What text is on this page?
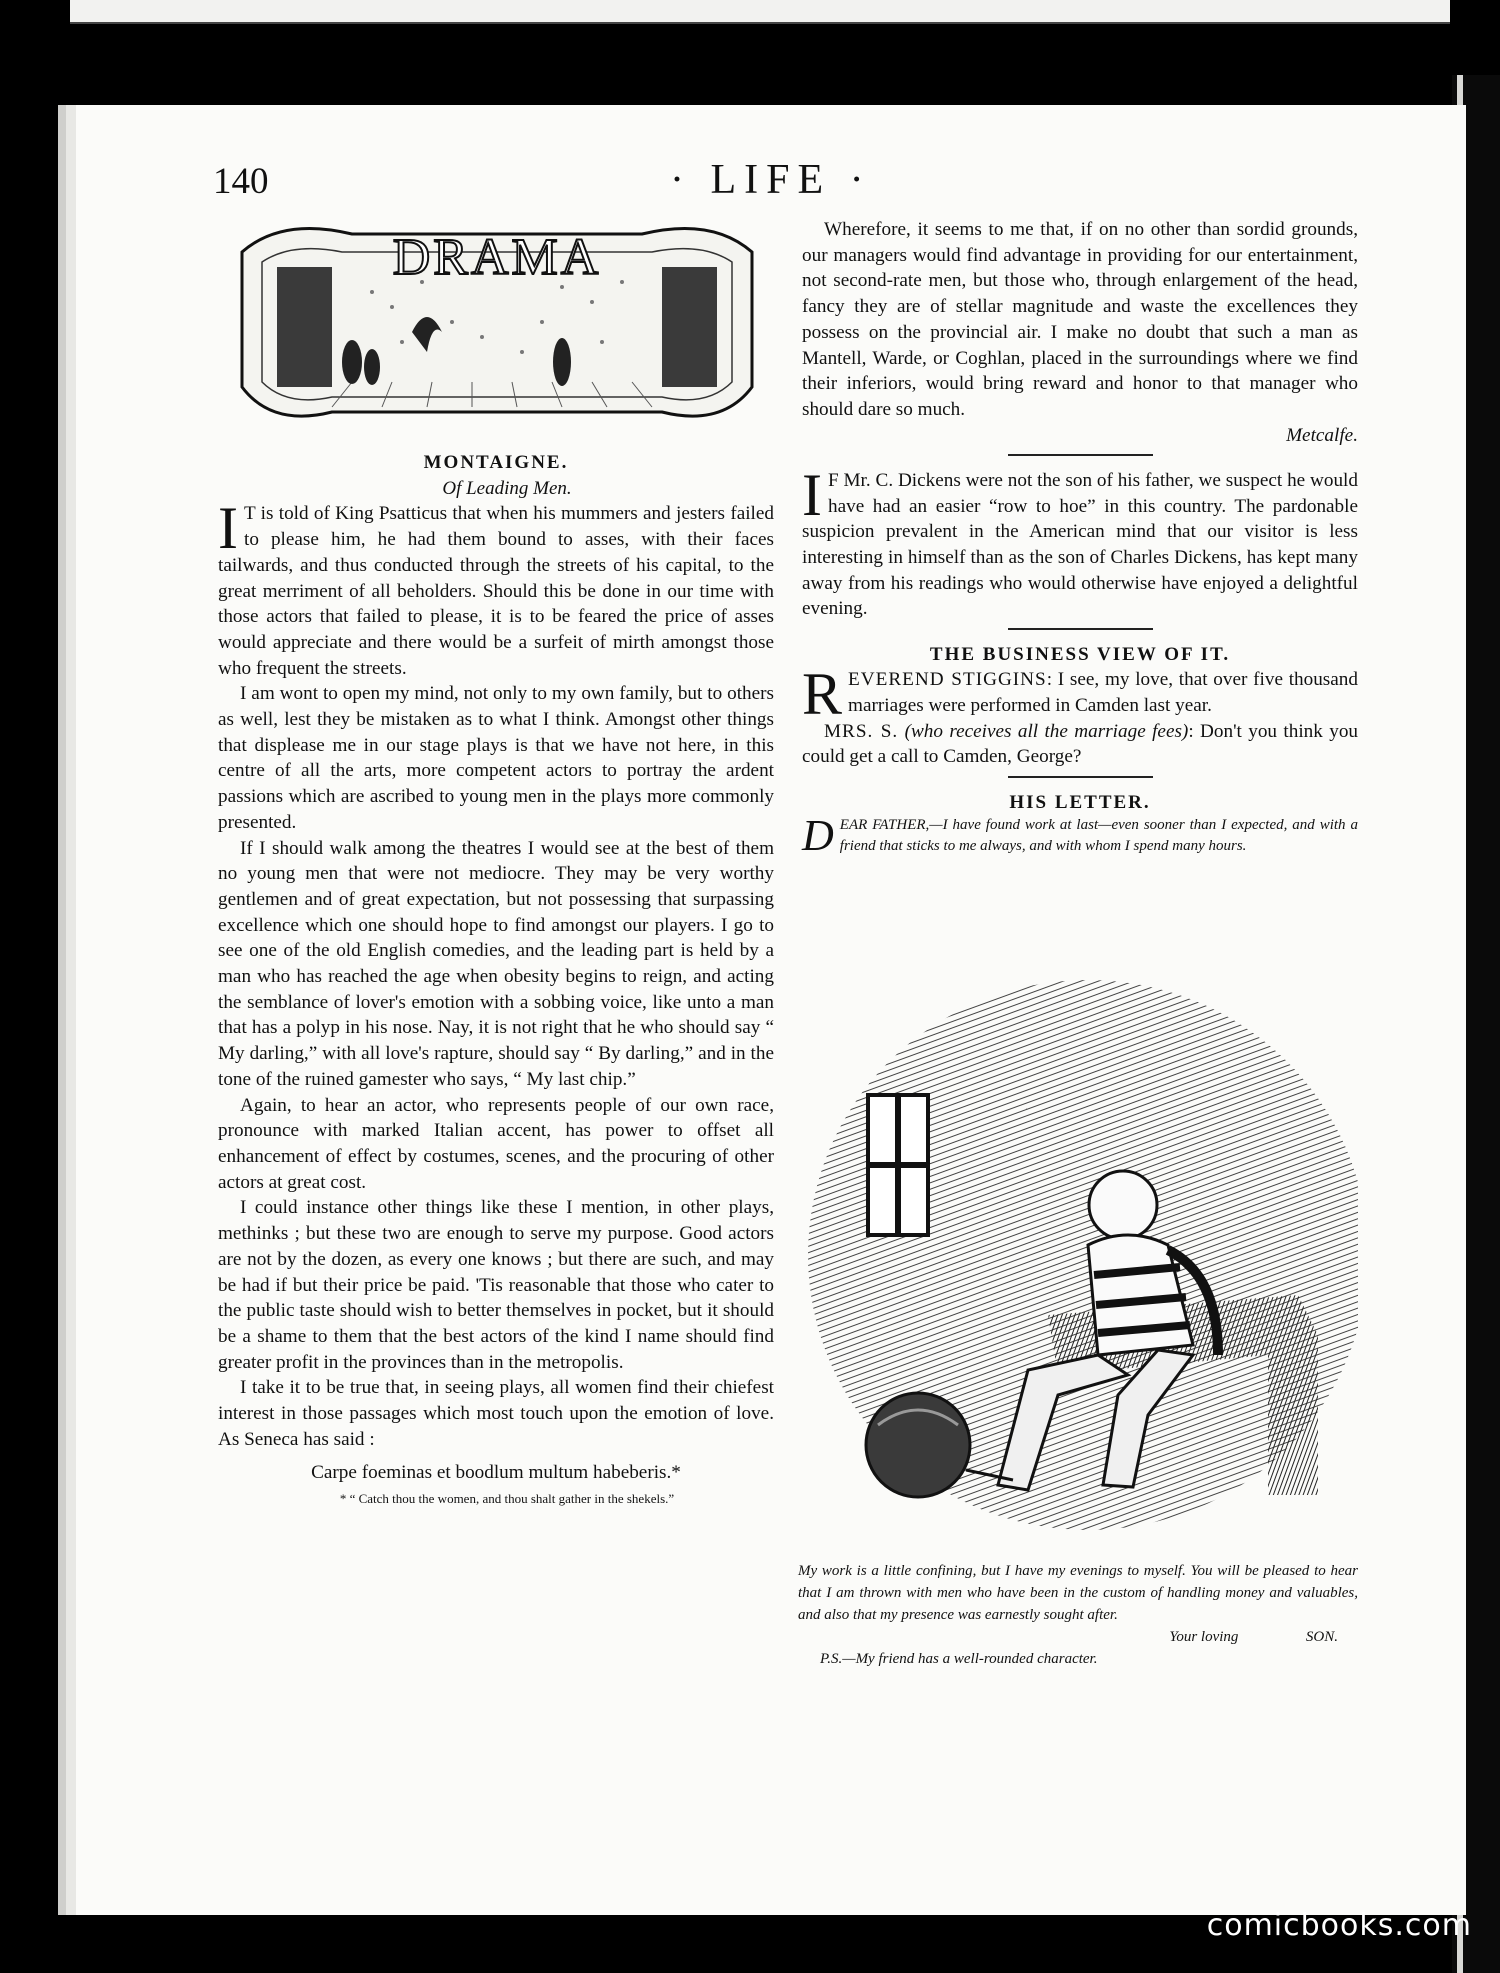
140	· LIFE ·
DRAMA

MONTAIGNE.

Of Leading Men.

I T is told of King Psatticus that when his mummers and jesters failed to please him, he had them bound to asses, with their faces tailwards, and thus conducted through the streets of his capital, to the great merriment of all beholders. Should this be done in our time with those actors that failed to please, it is to be feared the price of asses would appreciate and there would be a surfeit of mirth amongst those who frequent the streets.

I am wont to open my mind, not only to my own family, but to others as well, lest they be mistaken as to what I think. Amongst other things that displease me in our stage plays is that we have not here, in this centre of all the arts, more competent actors to portray the ardent passions which are ascribed to young men in the plays more commonly presented.

If I should walk among the theatres I would see at the best of them no young men that were not mediocre. They may be very worthy gentlemen and of great expectation, but not possessing that surpassing excellence which one should hope to find amongst our players. I go to see one of the old English comedies, and the leading part is held by a man who has reached the age when obesity begins to reign, and acting the semblance of lover's emotion with a sobbing voice, like unto a man that has a polyp in his nose. Nay, it is not right that he who should say “ My darling,” with all love's rapture, should say “ By darling,” and in the tone of the ruined gamester who says, “ My last chip.”

Again, to hear an actor, who represents people of our own race, pronounce with marked Italian accent, has power to offset all enhancement of effect by costumes, scenes, and the procuring of other actors at great cost.

I could instance other things like these I mention, in other plays, methinks ; but these two are enough to serve my purpose. Good actors are not by the dozen, as every one knows ; but there are such, and may be had if but their price be paid. 'Tis reasonable that those who cater to the public taste should wish to better themselves in pocket, but it should be a shame to them that the best actors of the kind I name should find greater profit in the provinces than in the metropolis.

I take it to be true that, in seeing plays, all women find their chiefest interest in those passages which most touch upon the emotion of love. As Seneca has said :

Carpe foeminas et boodlum multum habeberis.*

* “ Catch thou the women, and thou shalt gather in the shekels.”

Wherefore, it seems to me that, if on no other than sordid grounds, our managers would find advantage in providing for our entertainment, not second-rate men, but those who, through enlargement of the head, fancy they are of stellar magnitude and waste the excellences they possess on the provincial air. I make no doubt that such a man as Mantell, Warde, or Coghlan, placed in the surroundings where we find their inferiors, would bring reward and honor to that manager who should dare so much.

Metcalfe.

I F Mr. C. Dickens were not the son of his father, we suspect he would have had an easier “row to hoe” in this country. The pardonable suspicion prevalent in the American mind that our visitor is less interesting in himself than as the son of Charles Dickens, has kept many away from his readings who would otherwise have enjoyed a delightful evening.

THE BUSINESS VIEW OF IT.

REVEREND STIGGINS: I see, my love, that over five thousand marriages were performed in Camden last year.

MRS. S. (who receives all the marriage fees): Don't you think you could get a call to Camden, George?

HIS LETTER.

DEAR FATHER,—I have found work at last—even sooner than I expected, and with a friend that sticks to me always, and with whom I spend many hours.

My work is a little confining, but I have my evenings to myself. You will be pleased to hear that I am thrown with men who have been in the custom of handling money and valuables, and also that my presence was earnestly sought after.
Your loving	SON.
P.S.—My friend has a well-rounded character.
comicbooks.com
